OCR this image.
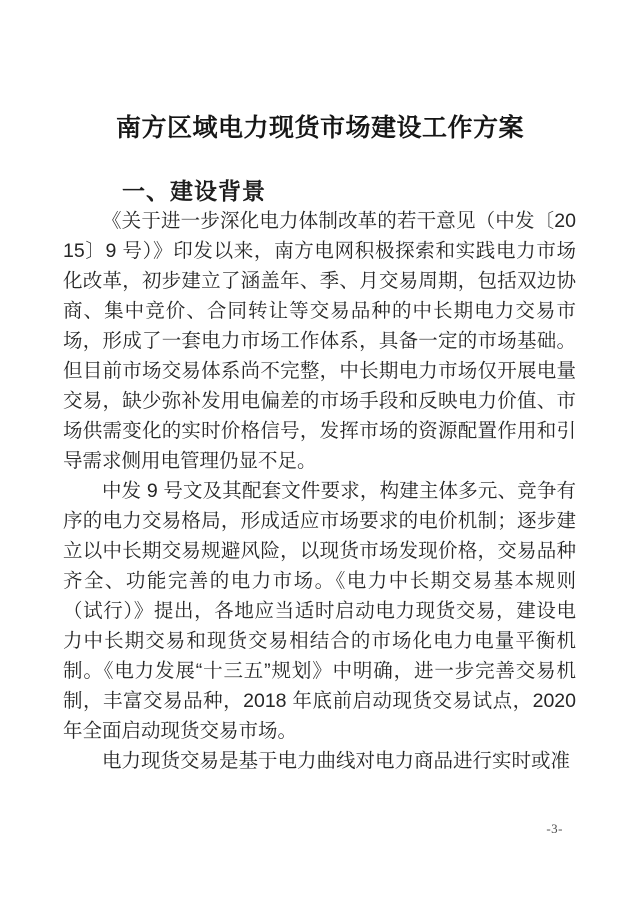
南方区域电力现货市场建设工作方案
一、建设背景

《关于进一步深化电力体制改革的若干意见（中发〔2015〕9 号）》印发以来，南方电网积极探索和实践电力市场化改革，初步建立了涵盖年、季、月交易周期，包括双边协商、集中竞价、合同转让等交易品种的中长期电力交易市场，形成了一套电力市场工作体系，具备一定的市场基础。但目前市场交易体系尚不完整，中长期电力市场仅开展电量交易，缺少弥补发用电偏差的市场手段和反映电力价值、市场供需变化的实时价格信号，发挥市场的资源配置作用和引导需求侧用电管理仍显不足。

中发 9 号文及其配套文件要求，构建主体多元、竞争有序的电力交易格局，形成适应市场要求的电价机制；逐步建立以中长期交易规避风险，以现货市场发现价格，交易品种齐全、功能完善的电力市场。《电力中长期交易基本规则（试行）》提出，各地应当适时启动电力现货交易，建设电力中长期交易和现货交易相结合的市场化电力电量平衡机制。《电力发展“十三五”规划》中明确，进一步完善交易机制，丰富交易品种，2018 年底前启动现货交易试点，2020 年全面启动现货交易市场。

电力现货交易是基于电力曲线对电力商品进行实时或准

-3-
